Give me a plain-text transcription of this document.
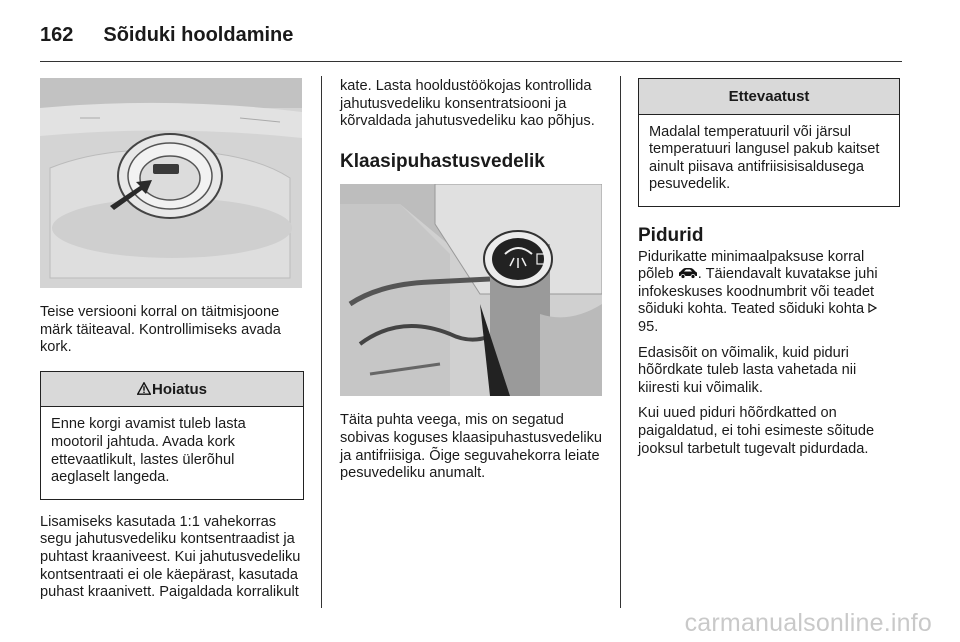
162 Sõiduki hooldamine

Teise versiooni korral on täitmisjoone märk täiteaval. Kontrollimiseks avada kork.

Hoiatus

Enne korgi avamist tuleb lasta mootoril jahtuda. Avada kork ettevaatlikult, lastes ülerõhul aeglaselt langeda.

Lisamiseks kasutada 1:1 vahekorras segu jahutusvedeliku kontsentraadist ja puhtast kraaniveest. Kui jahutusvedeliku kontsentraati ei ole käepärast, kasutada puhast kraanivett. Paigaldada korralikult

kate. Lasta hooldustöökojas kontrollida jahutusvedeliku konsentratsiooni ja kõrvaldada jahutusvedeliku kao põhjus.

Klaasipuhastusvedelik

Täita puhta veega, mis on segatud sobivas koguses klaasipuhastusvedeliku ja antifriisiga. Õige seguvahekorra leiate pesuvedeliku anumalt.

Ettevaatust

Madalal temperatuuril või järsul temperatuuri langusel pakub kaitset ainult piisava antifriisisisaldusega pesuvedelik.

Pidurid

Pidurikatte minimaalpaksuse korral põleb . Täiendavalt kuvatakse juhi infokeskuses koodnumbrit või teadet sõiduki kohta. Teated sõiduki kohta 95.

Edasisõit on võimalik, kuid piduri hõõrdkate tuleb lasta vahetada nii kiiresti kui võimalik.

Kui uued piduri hõõrdkatted on paigaldatud, ei tohi esimeste sõitude jooksul tarbetult tugevalt pidurdada.

carmanualsonline.info
